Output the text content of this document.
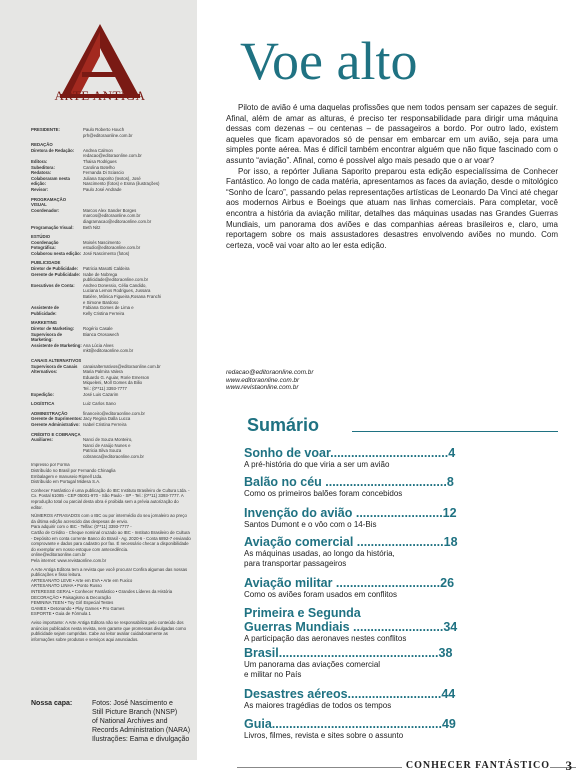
ARTE ANTIGA
PRESIDENTE:	Paulo Roberto Houch
prh@editoraonline.com.br
REDAÇÃO
Diretora de Redação:	Andrea Calmon
redacao@editoraonline.com.br
Editora:	Thaisa Rodrigues
Subeditora:	Carolina Botelho
Redatora:	Fernanda Di Sciascio
Colaboraram nesta edição:
Juliana Saporito (textos), José
Nascimento (fotos) e Esma (ilustrações)
Revisor:	Paulo José Andrade
PROGRAMAÇÃO VISUAL
Coordenador:	Marcos Alex Sander Borges
marcos@editoraonline.com.br
diagramacao@editoraonline.com.br
Programação Visual:	Beth Nitz
ESTÚDIO
Coordenação Fotográfica:
Moisés Nascimento
estudio@editoraonline.com.br
Colaborou nesta edição: José Nascimento (fotos)
PUBLICIDADE
Diretor de Publicidade:	Patricia Masotti Caldeira
Gerente de Publicidade: Isabe de Nobrega
publicidade@editoraonline.com.br
Executivos de Conta:	Andreo Donessio, Célia Candido,
Luciana Lemos Rodrigues, Jussara
Batiére, Mônica Figueira,Rosana Franchi
e Simone Bardoso
Assistente de Publicidade:
Fabiana Gomes de Lima e
Kelly Cristina Ferreira
MARKETING
Diretor de Marketing:	Rogério Casale
Supervisora de Marketing:
Bianca Orosowech
Assistente de Marketing: Ana Lúcia Alves
mkt@editoraonline.com.br
CANAIS ALTERNATIVOS
Supervisora de Canais Alternativos:
canaisalternativos@editoraonline.com.br
Maria Palmira Valera
Eduardo G. Aguiar, Rorie Emerson
Miqueleni, Moll Gomes da Bilio
Tel.: (0**11) 3393-7777
Expedição:	José Luis Cazarim
LOGÍSTICA	Luiz Carlos Sano
ADMINISTRAÇÃO	financeiro@editoraonline.com.br
Gerente de Suprimentos: Jacy Regina Dalla Lucca
Gerente Administrativo: Isabel Cristina Ferreira
CRÉDITO E COBRANÇA
Auxiliares:	Nanci de Souza Monteiro,
Nanci de Araújo Nunes e
Patricia Silva Souza
cobranca@editoraonline.com.br
Impresso por Forma
Distribuído no Brasil por Fernando Chinaglia
Embalagem e manuseio Ripnell Ltda.
Distribuído em Portugal Midesa S.A.
Conhecer Fantástico é uma publicação do IBC Instituto Brasileiro de Cultura Ltda. - Cx. Postal 61085 - CEP 05001-970 - São Paulo - SP - Tel.: (0**11) 3393-7777. A reprodução total ou parcial desta obra é proibida sem a prévia autorização do editor.
NÚMEROS ATRASADOS com o IBC ou por intermédio do seu jornaleiro ao preço da última edição acrescido das despesas de envio.
Para adquirir com o IBC - Telfax: (0**11) 3393-7777 -
Cartão de Crédito - Cheque nominal cruzado ao IBC - Instituto Brasileiro de Cultura - Depósito em conta corrente Banco do Brasil - Ag. 2020-6 - Conta 6892-7 enviando comprovante e dados para cadastro por fax. É necessário checar a disponibilidade do exemplar em nosso estoque com antecedência.
online@editoraonline.com.br
Pela internet: www.revistaonline.com.br
A Arte Antiga Editora tem a revista que você procura! Confira algumas das nossas publicações e fisso leitura.
ARTESANATO LEVE • Arte em EVA • Arte em Fuxico
ARTESANATO LINHA • Ponto Russo
INTERESSE GERAL • Conhecer Fantástico • Grandes Líderes da História
DECORAÇÃO • Paisagismo & Decoração
FEMININA TEEN • Toy Girl Especial Testes
GAMES • Detonando • Play Games • Pro Games
ESPORTE • Guia de Fórmula 1
Aviso importante: A Arte Antiga Editora não se responsabiliza pelo conteúdo dos anúncios publicados nesta revista, nem garante que promessas divulgadas como publicidade sejam cumpridas. Cabe ao leitor avaliar cuidadosamente as informações sobre produtos e serviços aqui anunciados.
Nossa capa:	Fotos: José Nascimento e
Still Picture Branch (NNSP)
of National Archives and
Records Administration (NARA)
Ilustrações: Eama e divulgação
Voe alto

Piloto de avião é uma daquelas profissões que nem todos pensam ser capazes de seguir. Afinal, além de amar as alturas, é preciso ter responsabilidade para dirigir uma máquina dessas com dezenas – ou centenas – de passageiros a bordo. Por outro lado, existem aqueles que ficam apavorados só de pensar em embarcar em um avião, seja para uma simples ponte aérea. Mas é difícil também encontrar alguém que não fique fascinado com o assunto “aviação”. Afinal, como é possível algo mais pesado que o ar voar?

Por isso, a repórter Juliana Saporito preparou esta edição especialíssima de Conhecer Fantástico. Ao longo de cada matéria, apresentamos as faces da aviação, desde o mitológico “Sonho de Ícaro”, passando pelas representações artísticas de Leonardo Da Vinci até chegar aos modernos Airbus e Boeings que atuam nas linhas comerciais. Para completar, você encontra a história da aviação militar, detalhes das máquinas usadas nas Grandes Guerras Mundiais, um panorama dos aviões e das companhias aéreas brasileiros e, claro, uma reportagem sobre os mais assustadores desastres envolvendo aviões no mundo. Com certeza, você vai voar alto ao ler esta edição.

redacao@editoraonline.com.br
www.editoraonline.com.br
www.revistaonline.com.br
Sumário
Sonho de voar..................................4
A pré-história do que viria a ser um avião
Balão no céu ...................................8
Como os primeiros balões foram concebidos
Invenção do avião .........................12
Santos Dumont e o vôo com o 14-Bis
Aviação comercial .........................18
As máquinas usadas, ao longo da história,
para transportar passageiros
Aviação militar ..............................26
Como os aviões foram usados em conflitos
Primeira e Segunda
Guerras Mundiais ..........................34
A participação das aeronaves nestes conflitos
Brasil..............................................38
Um panorama das aviações comercial
e militar no País
Desastres aéreos...........................44
As maiores tragédias de todos os tempos
Guia.................................................49
Livros, filmes, revista e sites sobre o assunto
CONHECER FANTÁSTICO 3
